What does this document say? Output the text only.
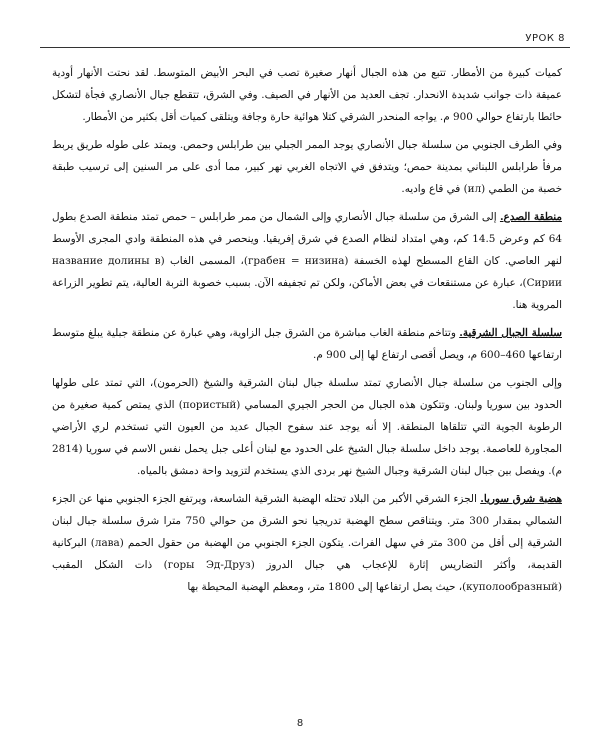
УРОК 8

كميات كبيرة من الأمطار. تتبع من هذه الجبال أنهار صغيرة تصب في البحر الأبيض المتوسط. لقد نحتت الأنهار أودية عميقة ذات جوانب شديدة الانحدار. تجف العديد من الأنهار في الصيف. وفي الشرق، تتقطع جبال الأنصاري فجأة لتشكل حائطا بارتفاع حوالي 900 م. يواجه المنحدر الشرقي كتلا هوائية حارة وجافة ويتلقى كميات أقل بكثير من الأمطار.

وفي الطرف الجنوبي من سلسلة جبال الأنصاري يوجد الممر الجبلي بين طرابلس وحمص. ويمتد على طوله طريق يربط مرفأ طرابلس اللبناني بمدينة حمص؛ ويتدفق في الاتجاه الغربي نهر كبير، مما أدى على مر السنين إلى ترسيب طبقة خصبة من الطمي (ил) في قاع واديه.

منطقة الصدع. إلى الشرق من سلسلة جبال الأنصاري وإلى الشمال من ممر طرابلس – حمص تمتد منطقة الصدع بطول 64 كم وعرض 14.5 كم، وهي امتداد لنظام الصدع في شرق إفريقيا. وينحصر في هذه المنطقة وادي المجرى الأوسط لنهر العاصي. كان القاع المسطح لهذه الخسفة (грабен = низина)، المسمى الغاب (название долины в Сирии)، عبارة عن مستنقعات في بعض الأماكن، ولكن تم تجفيفه الآن. بسبب خصوبة التربة العالية، يتم تطوير الزراعة المروية هنا.

سلسلة الجبال الشرقية. وتتاخم منطقة الغاب مباشرة من الشرق جبل الزاوية، وهي عبارة عن منطقة جبلية يبلغ متوسط ارتفاعها 460–600 م، ويصل أقصى ارتفاع لها إلى 900 م.

وإلى الجنوب من سلسلة جبال الأنصاري تمتد سلسلة جبال لبنان الشرقية والشيخ (الحرمون)، التي تمتد على طولها الحدود بين سوريا ولبنان. وتتكون هذه الجبال من الحجر الجيري المسامي (пористый) الذي يمتص كمية صغيرة من الرطوبة الجوية التي تتلقاها المنطقة. إلا أنه يوجد عند سفوح الجبال عديد من العيون التي تستخدم لري الأراضي المجاورة للعاصمة. يوجد داخل سلسلة جبال الشيخ على الحدود مع لبنان أعلى جبل يحمل نفس الاسم في سوريا (2814 م). ويفصل بين جبال لبنان الشرقية وجبال الشيخ نهر بردى الذي يستخدم لتزويد واحة دمشق بالمياه.

هضبة شرق سوريا. الجزء الشرقي الأكبر من البلاد تحتله الهضبة الشرقية الشاسعة، ويرتفع الجزء الجنوبي منها عن الجزء الشمالي بمقدار 300 متر. ويتناقص سطح الهضبة تدريجيا نحو الشرق من حوالي 750 مترا شرق سلسلة جبال لبنان الشرقية إلى أقل من 300 متر في سهل الفرات. يتكون الجزء الجنوبي من الهضبة من حقول الحمم (лава) البركانية القديمة، وأكثر التضاريس إثارة للإعجاب هي جبال الدروز (горы Эд-Друз) ذات الشكل المقبب (куполообразный)، حيث يصل ارتفاعها إلى 1800 متر، ومعظم الهضبة المحيطة بها

8
